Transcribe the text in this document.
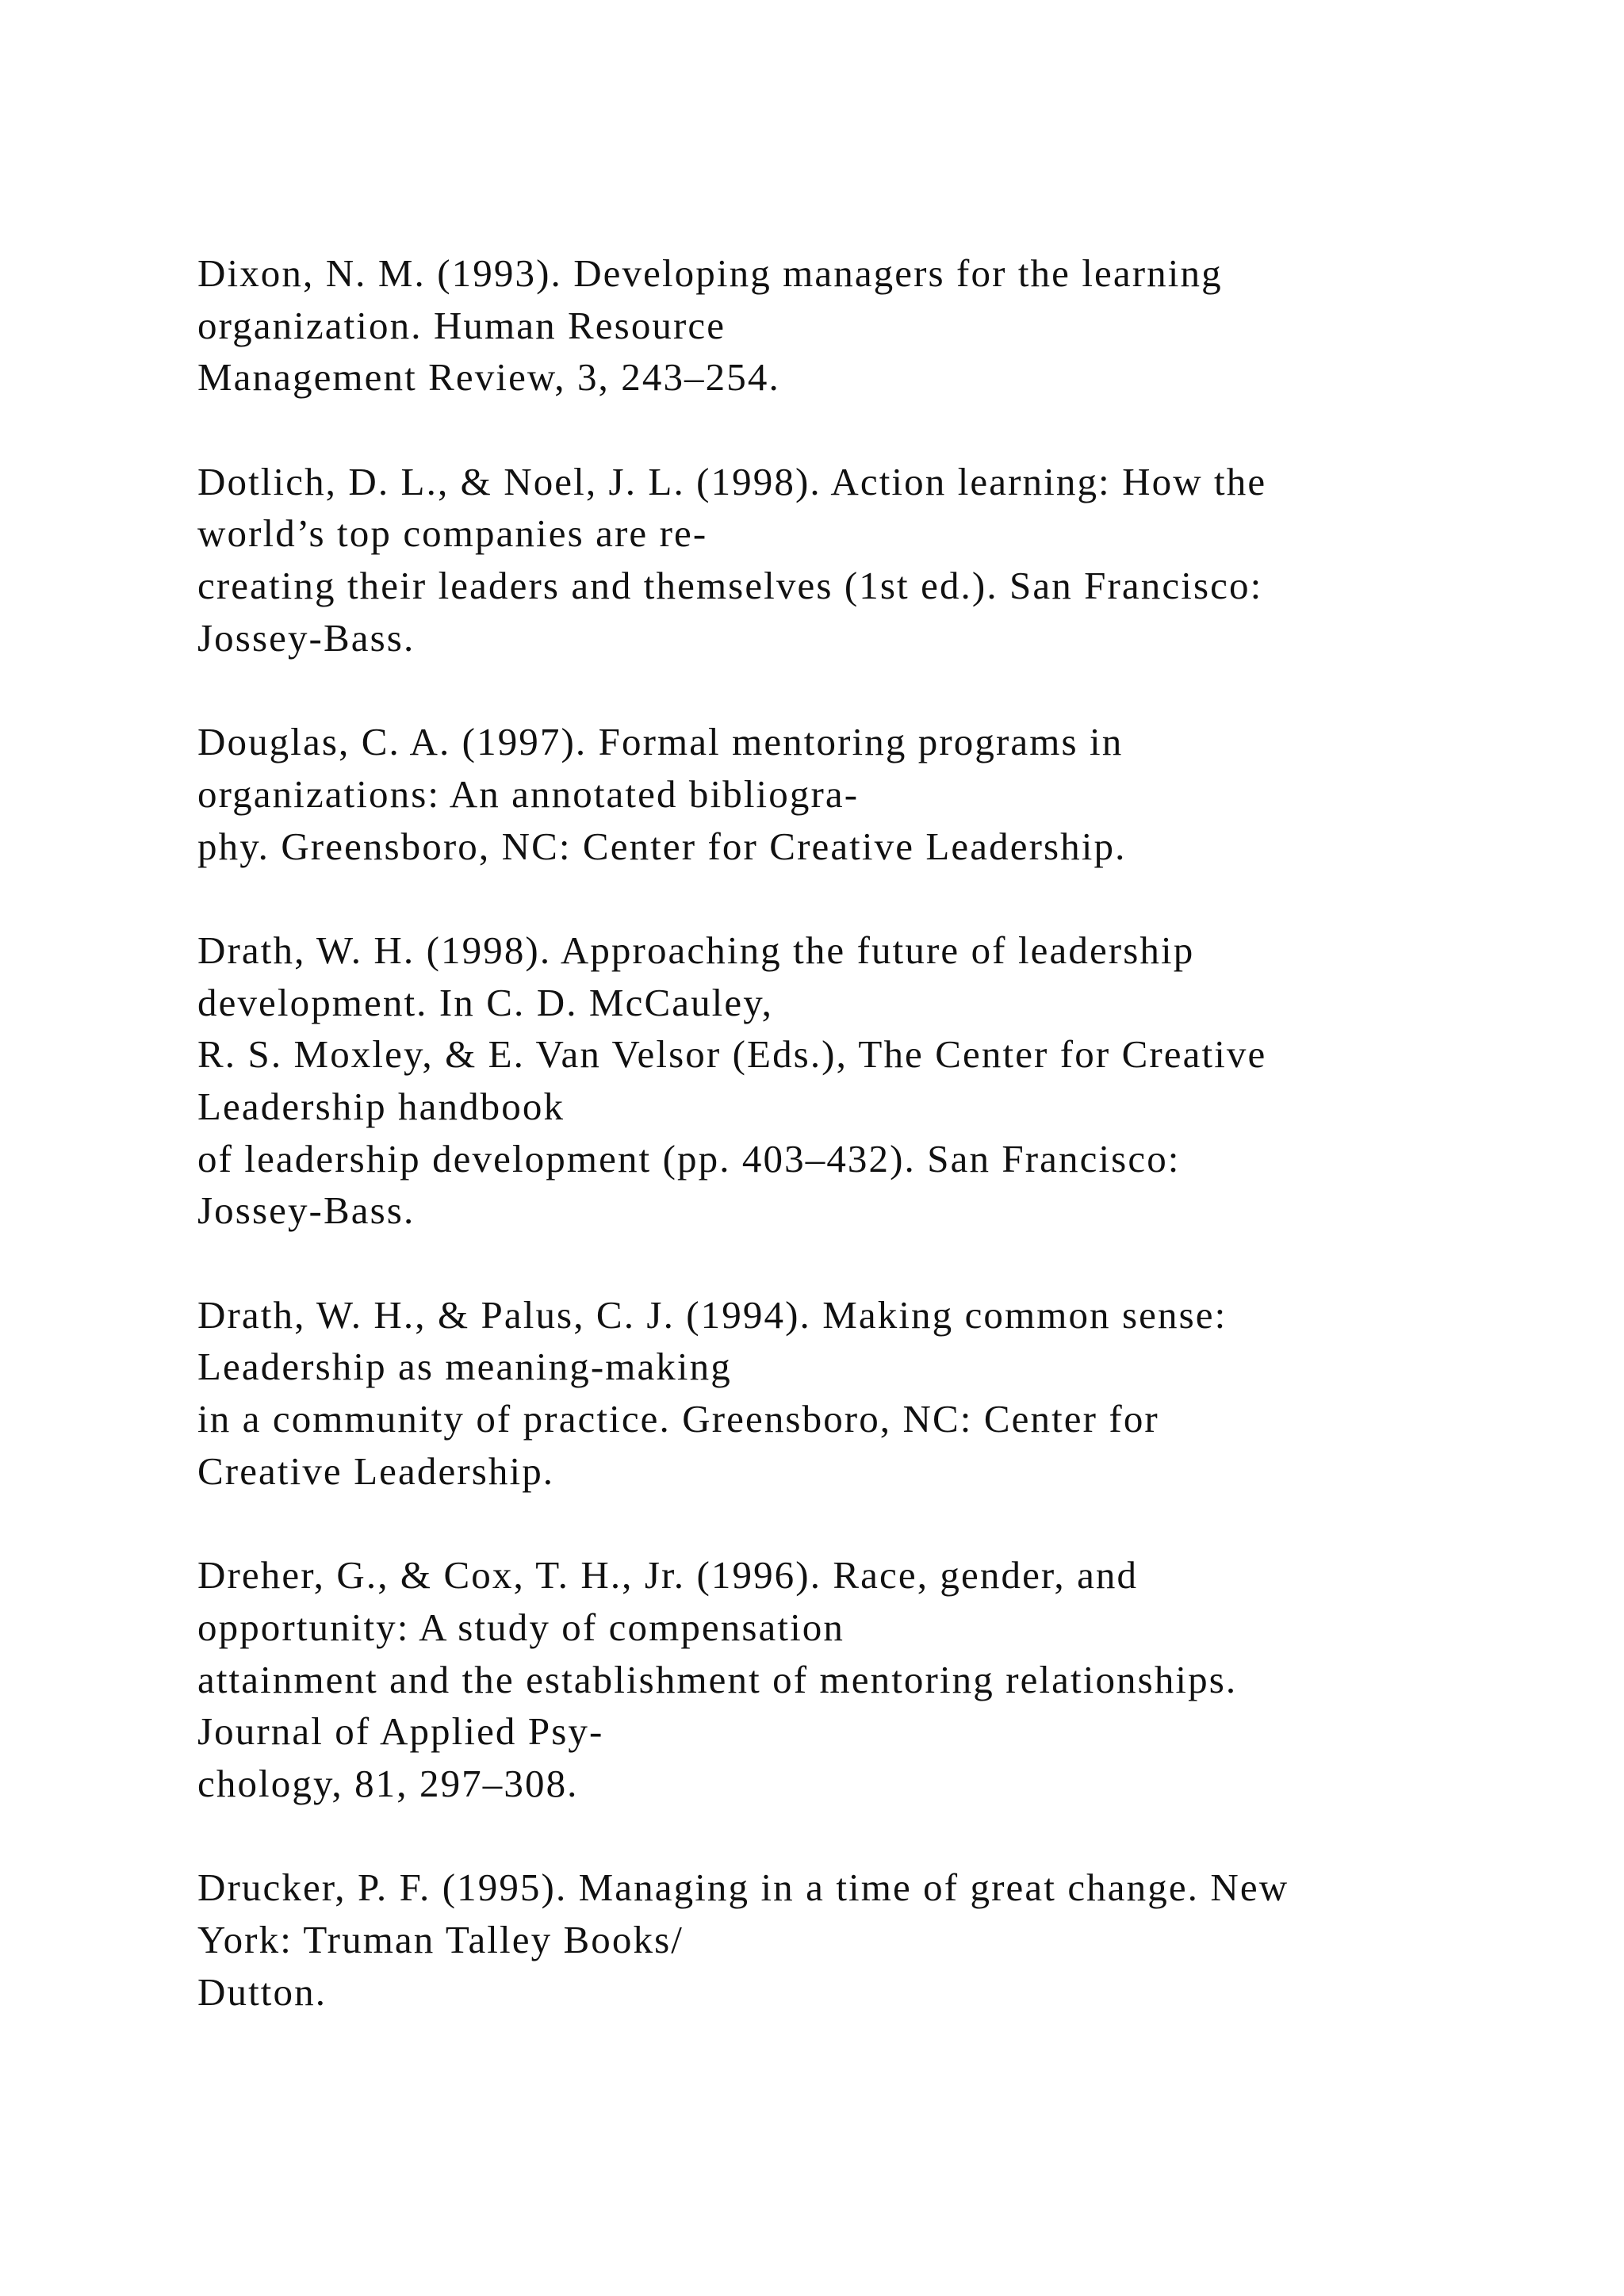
Dixon, N. M. (1993). Developing managers for the learning
organization. Human Resource
Management Review, 3, 243–254.
Dotlich, D. L., & Noel, J. L. (1998). Action learning: How the
world’s top companies are re-
creating their leaders and themselves (1st ed.). San Francisco:
Jossey-Bass.
Douglas, C. A. (1997). Formal mentoring programs in
organizations: An annotated bibliogra-
phy. Greensboro, NC: Center for Creative Leadership.
Drath, W. H. (1998). Approaching the future of leadership
development. In C. D. McCauley,
R. S. Moxley, & E. Van Velsor (Eds.), The Center for Creative
Leadership handbook
of leadership development (pp. 403–432). San Francisco:
Jossey-Bass.
Drath, W. H., & Palus, C. J. (1994). Making common sense:
Leadership as meaning-making
in a community of practice. Greensboro, NC: Center for
Creative Leadership.
Dreher, G., & Cox, T. H., Jr. (1996). Race, gender, and
opportunity: A study of compensation
attainment and the establishment of mentoring relationships.
Journal of Applied Psy-
chology, 81, 297–308.
Drucker, P. F. (1995). Managing in a time of great change. New
York: Truman Talley Books/
Dutton.
